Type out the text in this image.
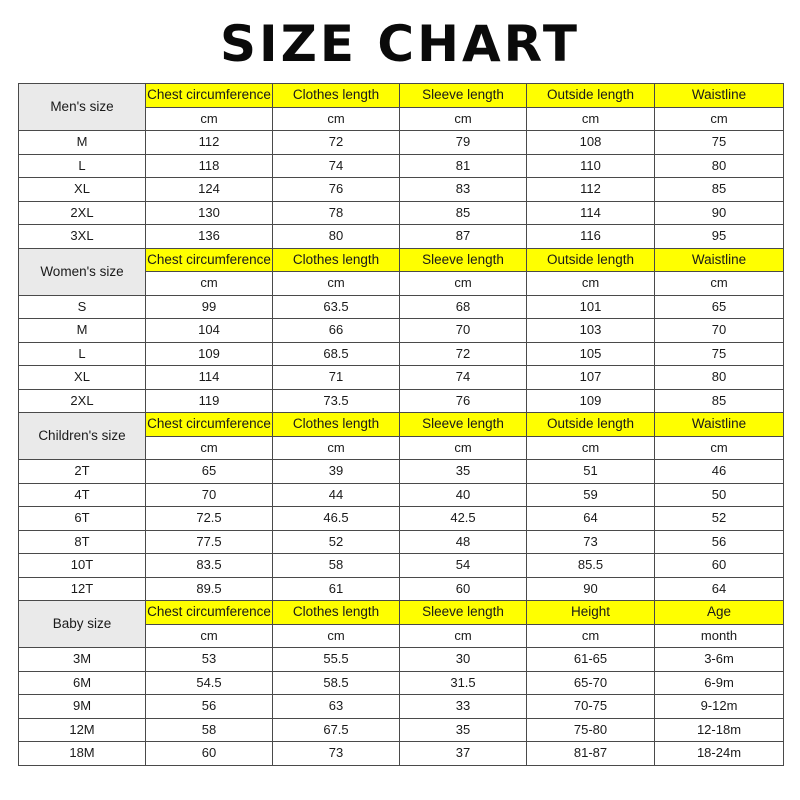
SIZE CHART
Men's size	Chest circumference	Clothes length	Sleeve length	Outside length	Waistline
	cm	cm	cm	cm	cm
M	112	72	79	108	75
L	118	74	81	110	80
XL	124	76	83	112	85
2XL	130	78	85	114	90
3XL	136	80	87	116	95
Women's size	Chest circumference	Clothes length	Sleeve length	Outside length	Waistline
	cm	cm	cm	cm	cm
S	99	63.5	68	101	65
M	104	66	70	103	70
L	109	68.5	72	105	75
XL	114	71	74	107	80
2XL	119	73.5	76	109	85
Children's size	Chest circumference	Clothes length	Sleeve length	Outside length	Waistline
	cm	cm	cm	cm	cm
2T	65	39	35	51	46
4T	70	44	40	59	50
6T	72.5	46.5	42.5	64	52
8T	77.5	52	48	73	56
10T	83.5	58	54	85.5	60
12T	89.5	61	60	90	64
Baby size	Chest circumference	Clothes length	Sleeve length	Height	Age
	cm	cm	cm	cm	month
3M	53	55.5	30	61-65	3-6m
6M	54.5	58.5	31.5	65-70	6-9m
9M	56	63	33	70-75	9-12m
12M	58	67.5	35	75-80	12-18m
18M	60	73	37	81-87	18-24m
